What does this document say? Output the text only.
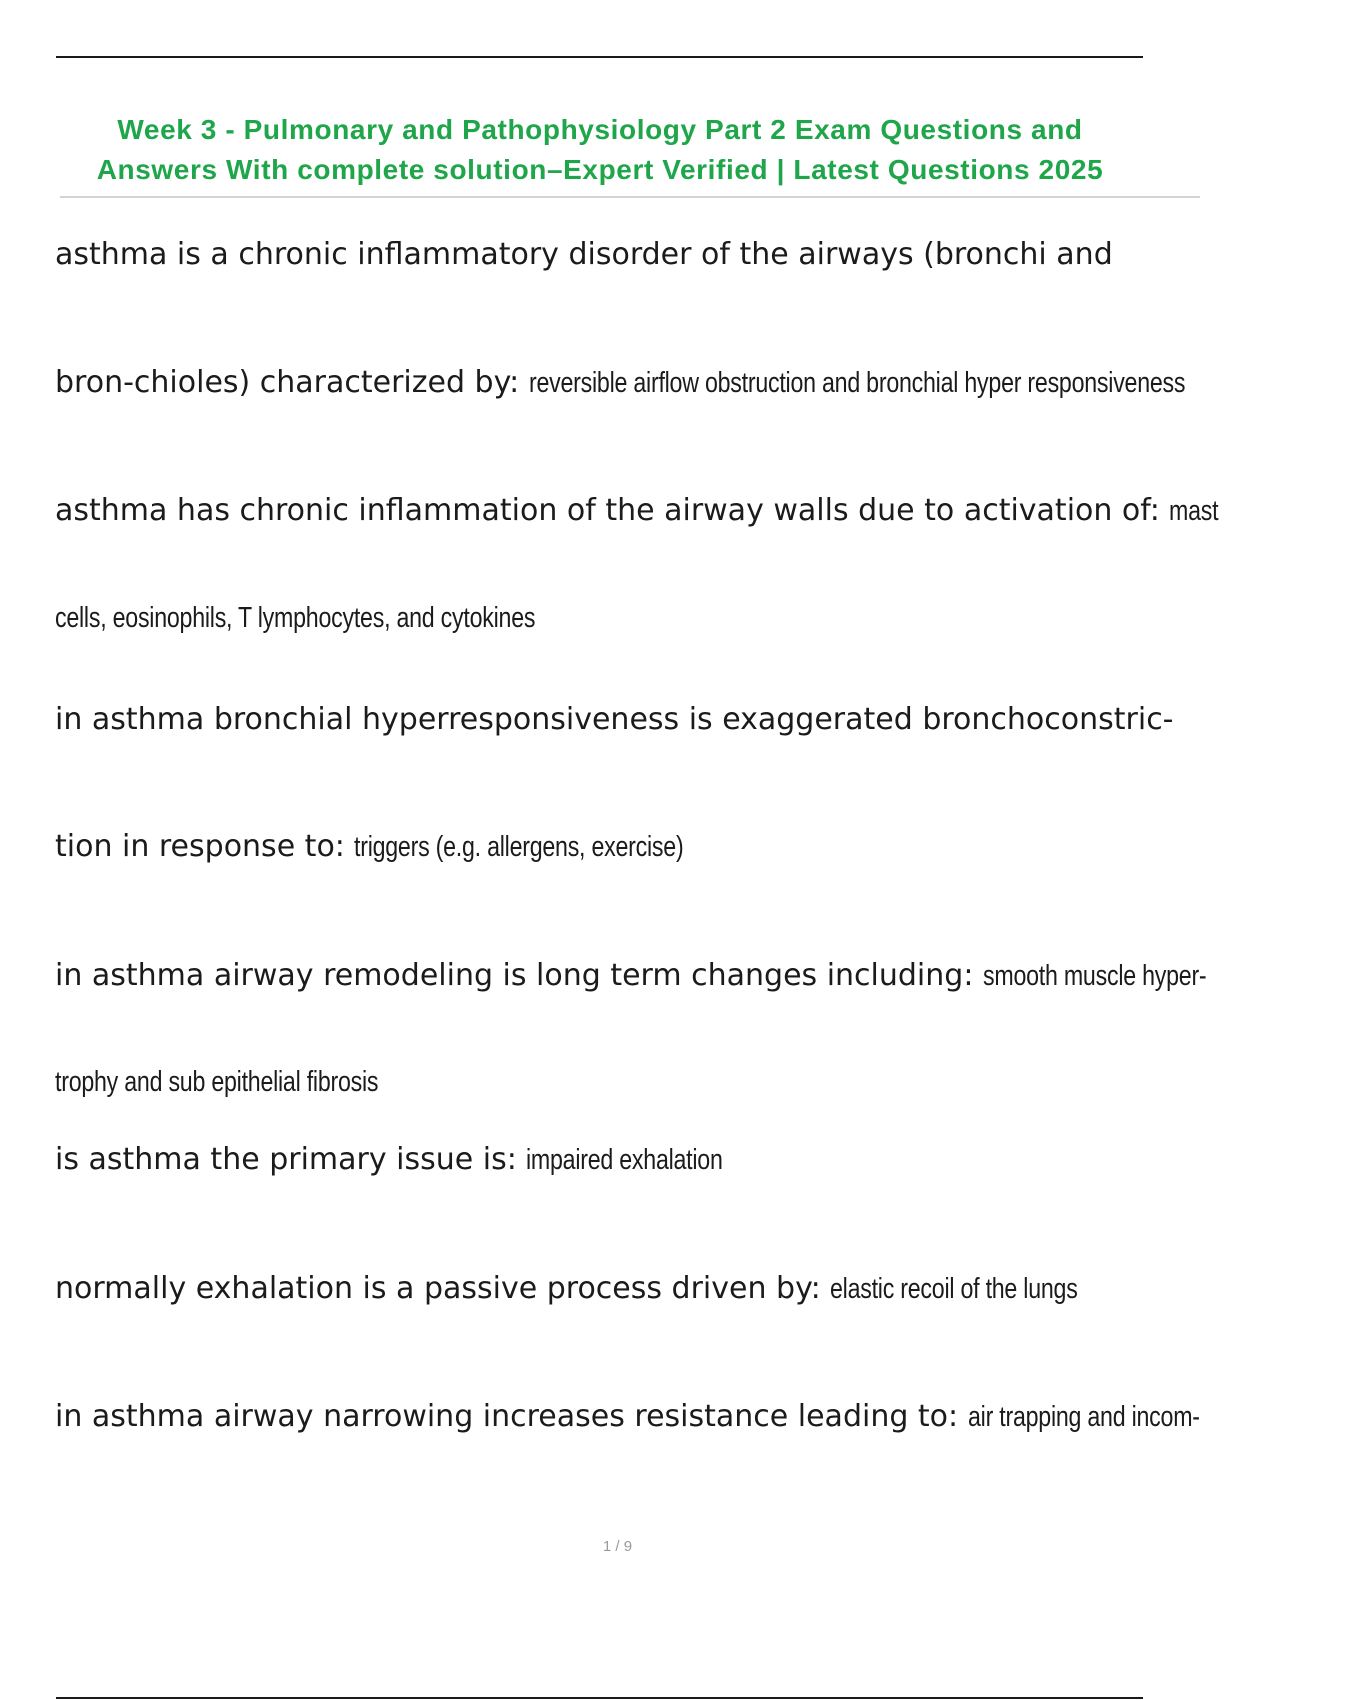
Week 3 - Pulmonary and Pathophysiology Part 2 Exam Questions and
Answers With complete solution–Expert Verified | Latest Questions 2025
asthma is a chronic inflammatory disorder of the airways (bronchi and
bron-chioles) characterized by: reversible airflow obstruction and bronchial hyper responsiveness
asthma has chronic inflammation of the airway walls due to activation of: mast
cells, eosinophils, T lymphocytes, and cytokines
in asthma bronchial hyperresponsiveness is exaggerated bronchoconstric-
tion in response to: triggers (e.g. allergens, exercise)
in asthma airway remodeling is long term changes including: smooth muscle hyper-
trophy and sub epithelial fibrosis
is asthma the primary issue is: impaired exhalation
normally exhalation is a passive process driven by: elastic recoil of the lungs
in asthma airway narrowing increases resistance leading to: air trapping and incom-
1 / 9
